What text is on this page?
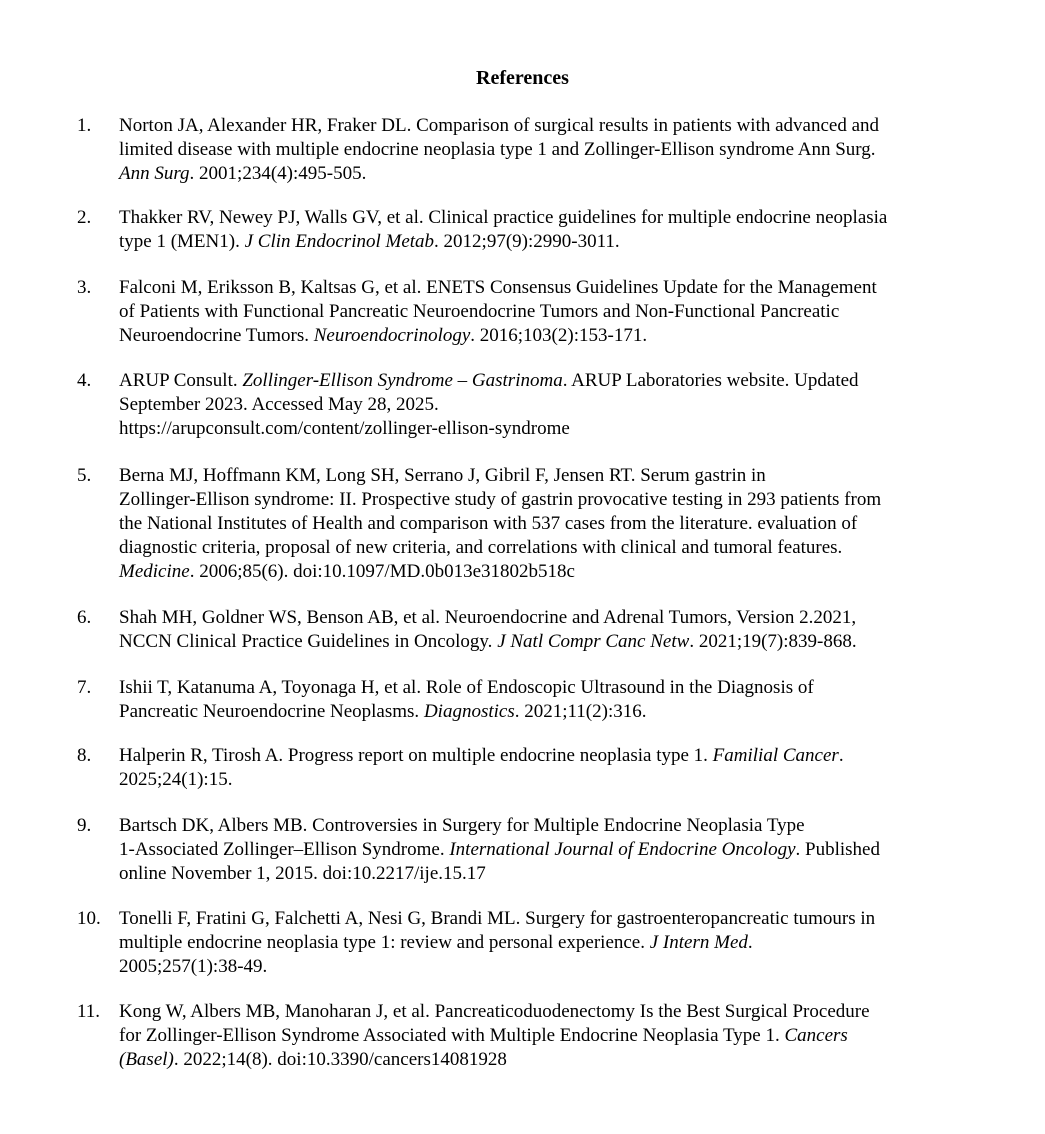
References
1.	Norton JA, Alexander HR, Fraker DL. Comparison of surgical results in patients with advanced and
limited disease with multiple endocrine neoplasia type 1 and Zollinger-Ellison syndrome Ann Surg.
Ann Surg. 2001;234(4):495-505.
2.	Thakker RV, Newey PJ, Walls GV, et al. Clinical practice guidelines for multiple endocrine neoplasia
type 1 (MEN1). J Clin Endocrinol Metab. 2012;97(9):2990-3011.
3.	Falconi M, Eriksson B, Kaltsas G, et al. ENETS Consensus Guidelines Update for the Management
of Patients with Functional Pancreatic Neuroendocrine Tumors and Non-Functional Pancreatic
Neuroendocrine Tumors. Neuroendocrinology. 2016;103(2):153-171.
4.	ARUP Consult. Zollinger-Ellison Syndrome – Gastrinoma. ARUP Laboratories website. Updated
September 2023. Accessed May 28, 2025.
https://arupconsult.com/content/zollinger-ellison-syndrome
5.	Berna MJ, Hoffmann KM, Long SH, Serrano J, Gibril F, Jensen RT. Serum gastrin in
Zollinger-Ellison syndrome: II. Prospective study of gastrin provocative testing in 293 patients from
the National Institutes of Health and comparison with 537 cases from the literature. evaluation of
diagnostic criteria, proposal of new criteria, and correlations with clinical and tumoral features.
Medicine. 2006;85(6). doi:10.1097/MD.0b013e31802b518c
6.	Shah MH, Goldner WS, Benson AB, et al. Neuroendocrine and Adrenal Tumors, Version 2.2021,
NCCN Clinical Practice Guidelines in Oncology. J Natl Compr Canc Netw. 2021;19(7):839-868.
7.	Ishii T, Katanuma A, Toyonaga H, et al. Role of Endoscopic Ultrasound in the Diagnosis of
Pancreatic Neuroendocrine Neoplasms. Diagnostics. 2021;11(2):316.
8.	Halperin R, Tirosh A. Progress report on multiple endocrine neoplasia type 1. Familial Cancer.
2025;24(1):15.
9.	Bartsch DK, Albers MB. Controversies in Surgery for Multiple Endocrine Neoplasia Type
1-Associated Zollinger–Ellison Syndrome. International Journal of Endocrine Oncology. Published
online November 1, 2015. doi:10.2217/ije.15.17
10. Tonelli F, Fratini G, Falchetti A, Nesi G, Brandi ML. Surgery for gastroenteropancreatic tumours in
multiple endocrine neoplasia type 1: review and personal experience. J Intern Med.
2005;257(1):38-49.
11. Kong W, Albers MB, Manoharan J, et al. Pancreaticoduodenectomy Is the Best Surgical Procedure
for Zollinger-Ellison Syndrome Associated with Multiple Endocrine Neoplasia Type 1. Cancers
(Basel). 2022;14(8). doi:10.3390/cancers14081928
